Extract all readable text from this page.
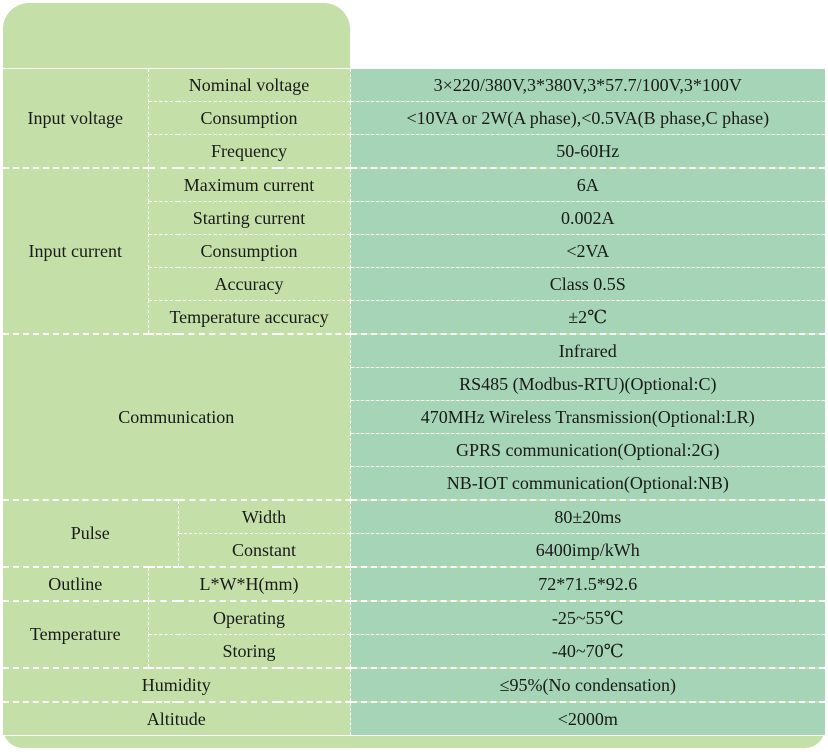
Input voltage	Nominal voltage		3×220/380V,3*380V,3*57.7/100V,3*100V
	Consumption		<10VA or 2W(A phase),<0.5VA(B phase,C phase)
	Frequency		50-60Hz
Input current	Maximum current		6A
	Starting current		0.002A
	Consumption		<2VA
	Accuracy		Class 0.5S
	Temperature accuracy		±2℃
Communication			Infrared
			RS485 (Modbus-RTU)(Optional:C)
			470MHz Wireless Transmission(Optional:LR)
			GPRS communication(Optional:2G)
			NB-IOT communication(Optional:NB)
Pulse		Width	80±20ms
		Constant	6400imp/kWh
Outline	L*W*H(mm)		72*71.5*92.6
Temperature	Operating		-25~55℃
	Storing		-40~70℃
Humidity			≤95%(No condensation)
Altitude			<2000m
